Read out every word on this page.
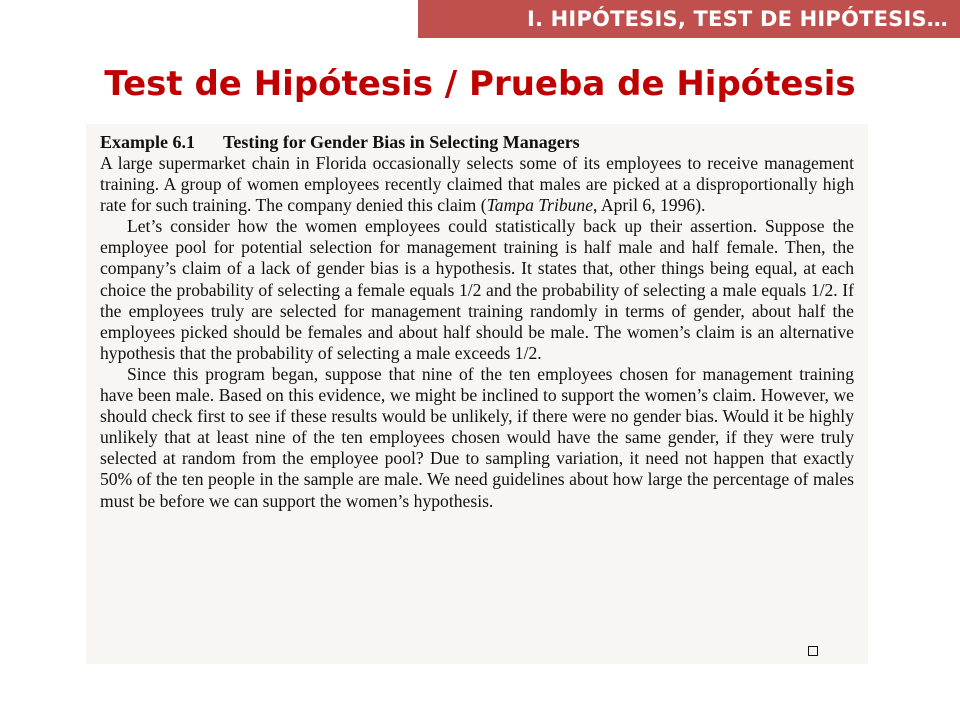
I. HIPÓTESIS, TEST DE HIPÓTESIS…
Test de Hipótesis / Prueba de Hipótesis
Example 6.1 Testing for Gender Bias in Selecting Managers

A large supermarket chain in Florida occasionally selects some of its employees to receive management training. A group of women employees recently claimed that males are picked at a disproportionally high rate for such training. The company denied this claim (Tampa Tribune, April 6, 1996).

Let’s consider how the women employees could statistically back up their assertion. Suppose the employee pool for potential selection for management training is half male and half female. Then, the company’s claim of a lack of gender bias is a hypothesis. It states that, other things being equal, at each choice the probability of selecting a female equals 1/2 and the probability of selecting a male equals 1/2. If the employees truly are selected for management training randomly in terms of gender, about half the employees picked should be females and about half should be male. The women’s claim is an alternative hypothesis that the probability of selecting a male exceeds 1/2.

Since this program began, suppose that nine of the ten employees chosen for management training have been male. Based on this evidence, we might be inclined to support the women’s claim. However, we should check first to see if these results would be unlikely, if there were no gender bias. Would it be highly unlikely that at least nine of the ten employees chosen would have the same gender, if they were truly selected at random from the employee pool? Due to sampling variation, it need not happen that exactly 50% of the ten people in the sample are male. We need guidelines about how large the percentage of males must be before we can support the women’s hypothesis.
